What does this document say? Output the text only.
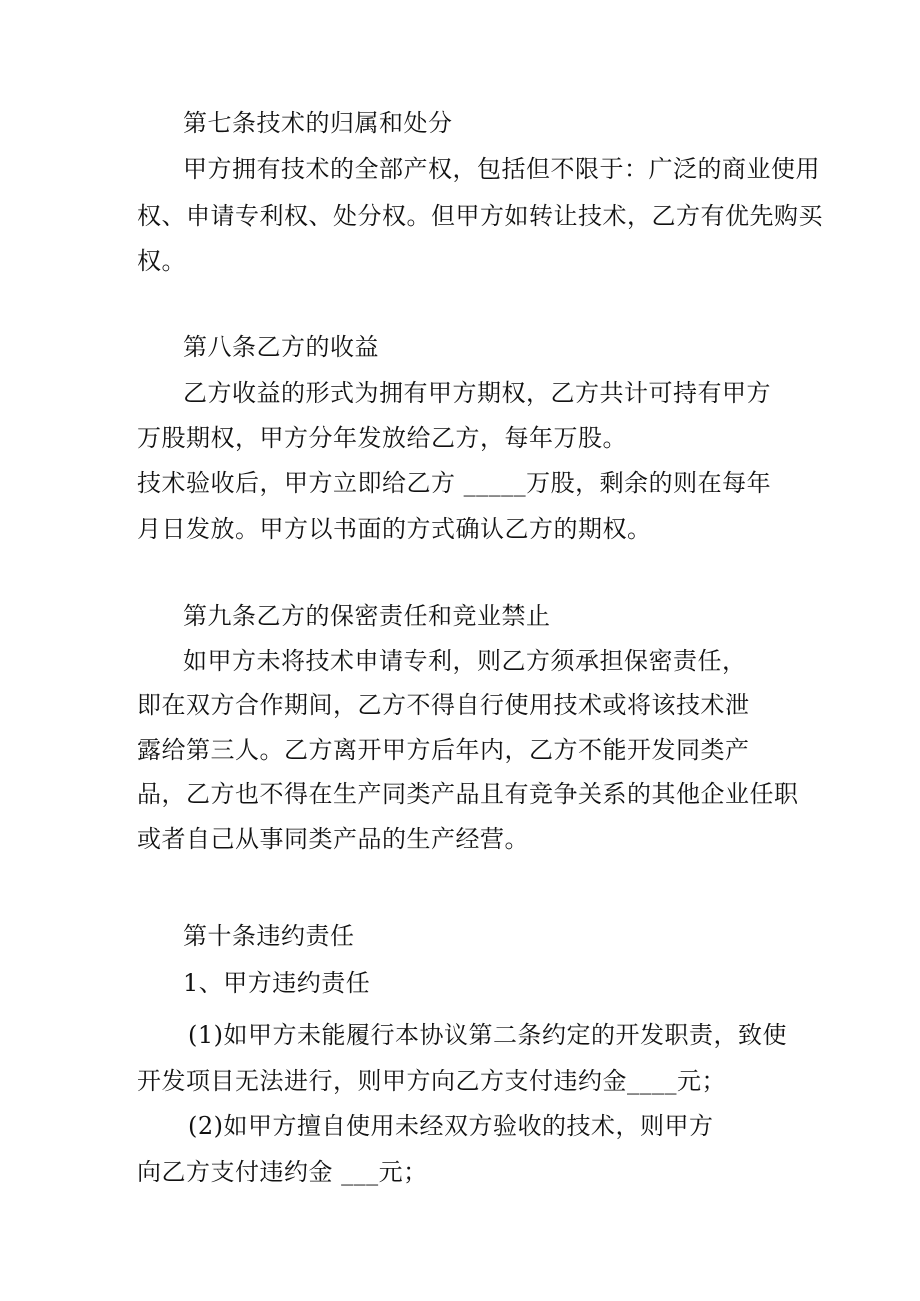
第七条技术的归属和处分
甲方拥有技术的全部产权，包括但不限于：广泛的商业使用
权、申请专利权、处分权。但甲方如转让技术，乙方有优先购买
权。
第八条乙方的收益
乙方收益的形式为拥有甲方期权，乙方共计可持有甲方
万股期权，甲方分年发放给乙方，每年万股。
技术验收后，甲方立即给乙方 _____万股，剩余的则在每年
月日发放。甲方以书面的方式确认乙方的期权。
第九条乙方的保密责任和竞业禁止
如甲方未将技术申请专利，则乙方须承担保密责任，
即在双方合作期间，乙方不得自行使用技术或将该技术泄
露给第三人。乙方离开甲方后年内，乙方不能开发同类产
品，乙方也不得在生产同类产品且有竞争关系的其他企业任职
或者自己从事同类产品的生产经营。
第十条违约责任
1、甲方违约责任
(1)如甲方未能履行本协议第二条约定的开发职责，致使
开发项目无法进行，则甲方向乙方支付违约金____元；
(2)如甲方擅自使用未经双方验收的技术，则甲方
向乙方支付违约金 ___元；
